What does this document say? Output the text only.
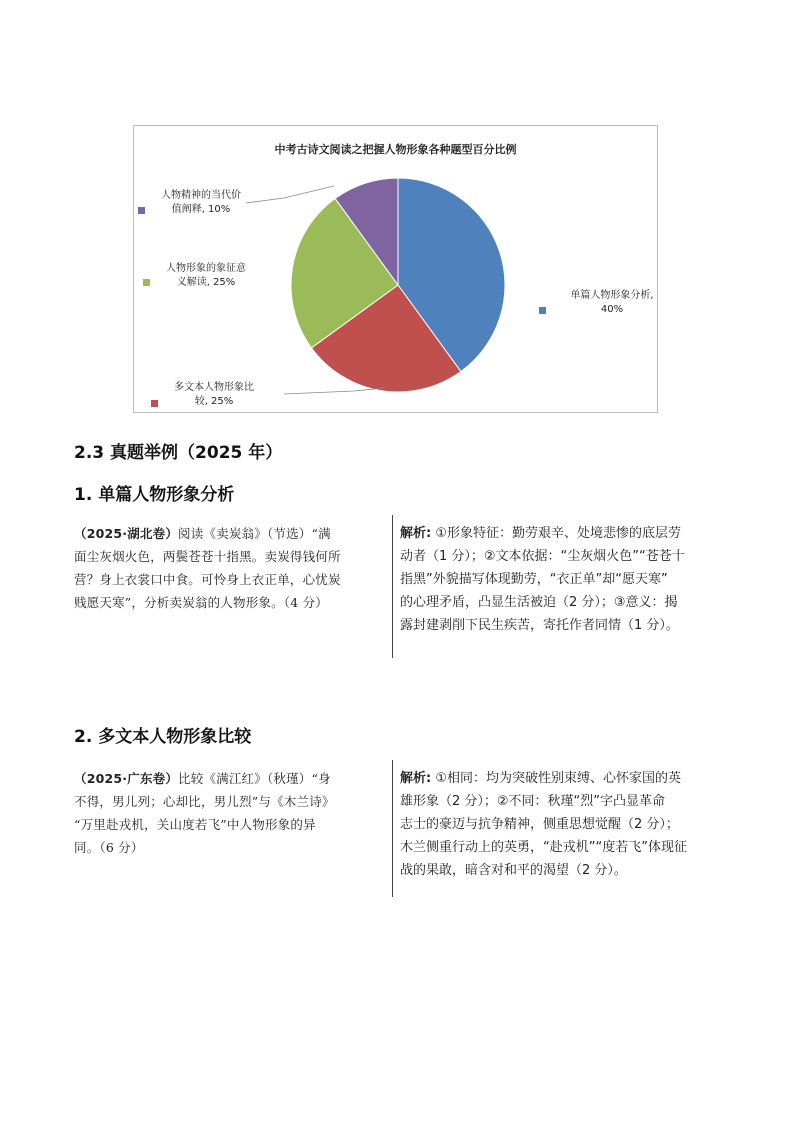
中考古诗文阅读之把握人物形象各种题型百分比例
单篇人物形象分析,
40%
多文本人物形象比
较, 25%
人物形象的象征意
义解读, 25%
人物精神的当代价
值阐释, 10%
2.3 真题举例（2025 年）
1. 单篇人物形象分析
（2025·湖北卷）阅读《卖炭翁》（节选）“满
面尘灰烟火色，两鬓苍苍十指黑。卖炭得钱何所
营？身上衣裳口中食。可怜身上衣正单，心忧炭
贱愿天寒”，分析卖炭翁的人物形象。（4 分）
解析: ①形象特征：勤劳艰辛、处境悲惨的底层劳
动者（1 分）；②文本依据：“尘灰烟火色”“苍苍十
指黑”外貌描写体现勤劳，“衣正单”却“愿天寒”
的心理矛盾，凸显生活被迫（2 分）；③意义：揭
露封建剥削下民生疾苦，寄托作者同情（1 分）。
2. 多文本人物形象比较
（2025·广东卷）比较《满江红》（秋瑾）“身
不得，男儿列；心却比，男儿烈”与《木兰诗》
“万里赴戎机，关山度若飞”中人物形象的异
同。（6 分）
解析: ①相同：均为突破性别束缚、心怀家国的英
雄形象（2 分）；②不同：秋瑾“烈”字凸显革命
志士的豪迈与抗争精神，侧重思想觉醒（2 分）；
木兰侧重行动上的英勇，“赴戎机”“度若飞”体现征
战的果敢，暗含对和平的渴望（2 分）。
